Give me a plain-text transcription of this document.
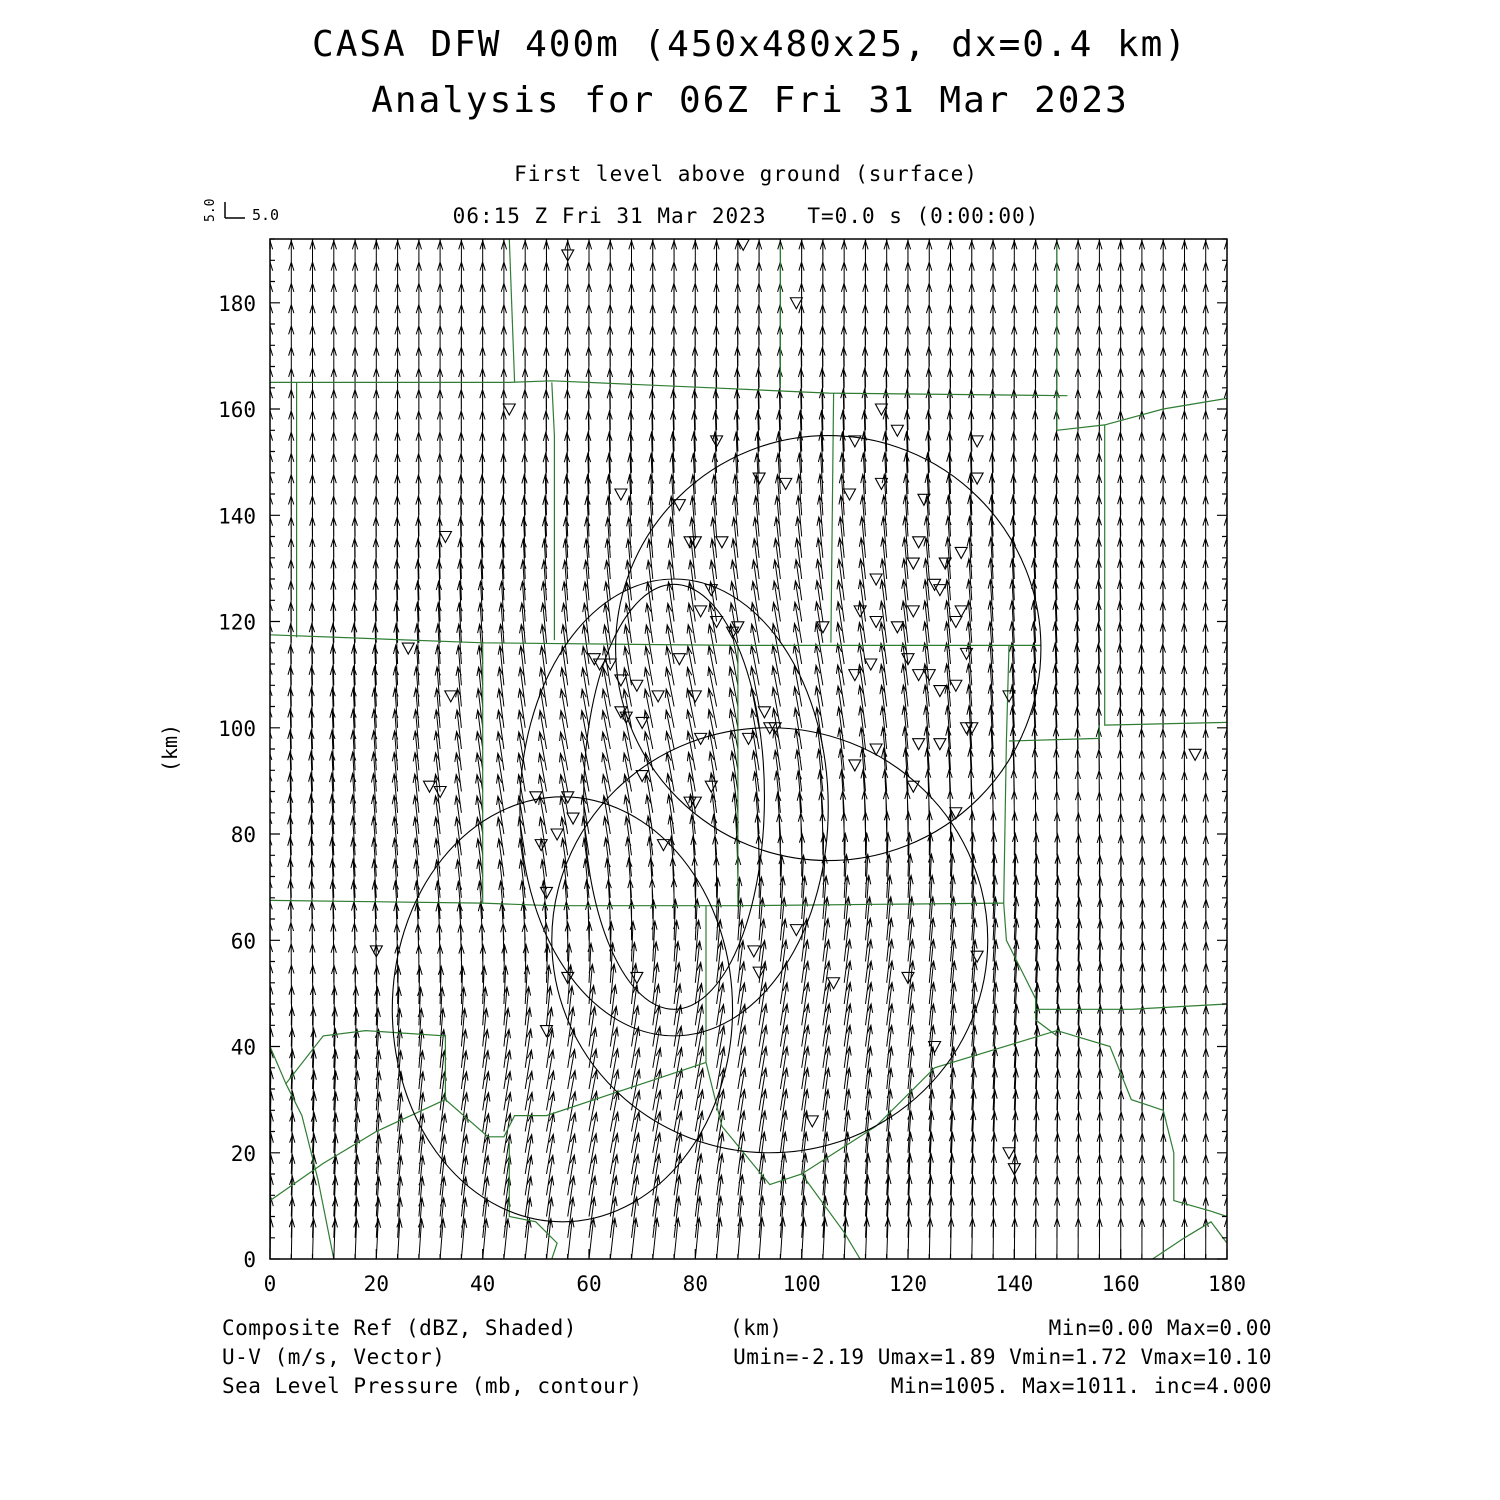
CASA DFW 400m (450x480x25, dx=0.4 km)
Analysis for 06Z Fri 31 Mar 2023
First level above ground (surface)
06:15 Z Fri 31 Mar 2023   T=0.0 s (0:00:00)
0	20	40	60	80	100	120	140	160	180
0
20
40
60
80
100
120
140
160
180
5.0 5.0
(km)
Composite Ref (dBZ, Shaded)	(km)	Min=0.00 Max=0.00
U-V (m/s, Vector)	Umin=-2.19 Umax=1.89 Vmin=1.72 Vmax=10.10
Sea Level Pressure (mb, contour)	Min=1005. Max=1011. inc=4.000
